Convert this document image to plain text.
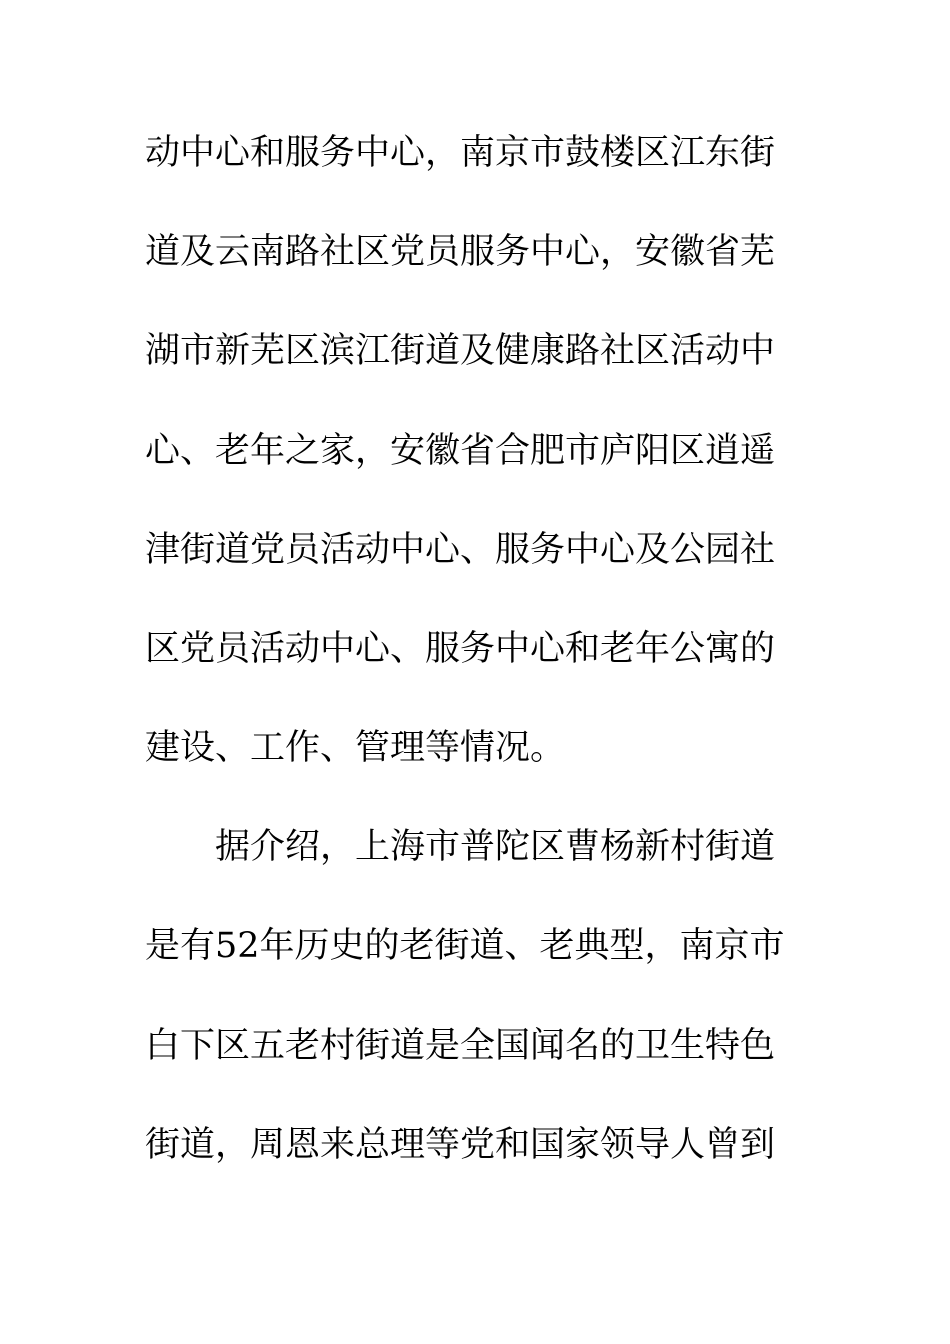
动中心和服务中心，南京市鼓楼区江东街
道及云南路社区党员服务中心，安徽省芜
湖市新芜区滨江街道及健康路社区活动中
心、老年之家，安徽省合肥市庐阳区逍遥
津街道党员活动中心、服务中心及公园社
区党员活动中心、服务中心和老年公寓的
建设、工作、管理等情况。
据介绍，上海市普陀区曹杨新村街道
是有52年历史的老街道、老典型，南京市
白下区五老村街道是全国闻名的卫生特色
街道，周恩来总理等党和国家领导人曾到
